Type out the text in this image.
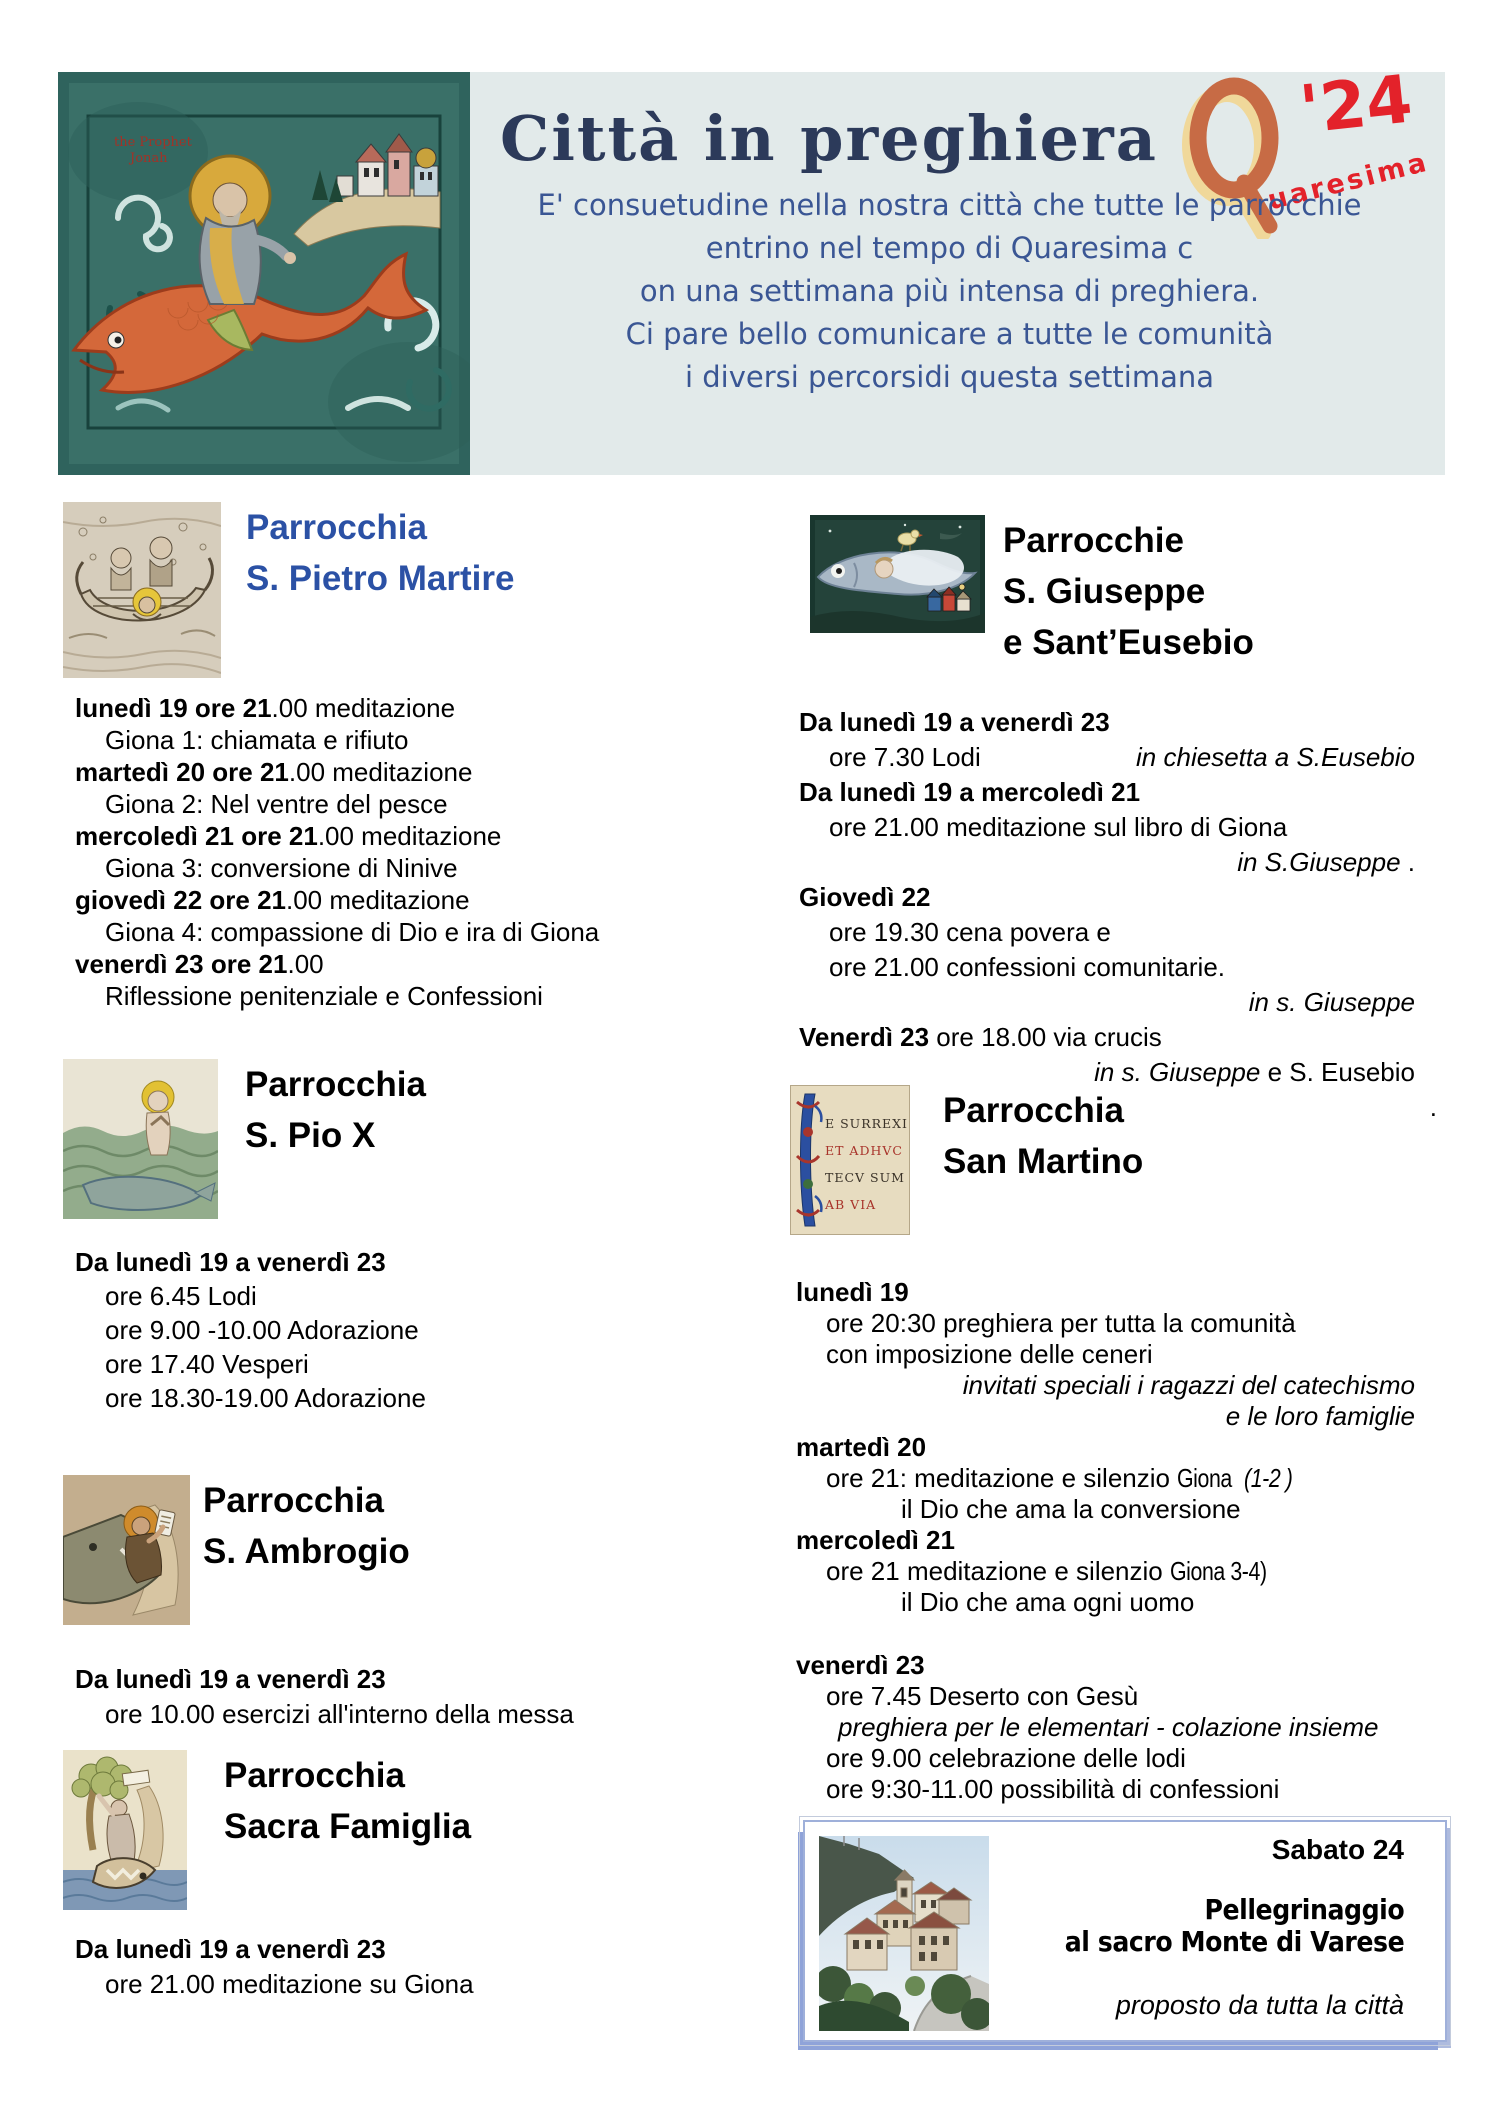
the Prophet
Jonah	Città in preghiera '24
uaresima
E' consuetudine nella nostra città che tutte le parrocchie
entrino nel tempo di Quaresima c
on una settimana più intensa di preghiera.
Ci pare bello comunicare a tutte le comunità
i diversi percorsidi questa settimana
Parrocchia
S. Pietro Martire
lunedì 19 ore 21.00 meditazione
Giona 1: chiamata e rifiuto
martedì 20 ore 21.00 meditazione
Giona 2: Nel ventre del pesce
mercoledì 21 ore 21.00 meditazione
Giona 3: conversione di Ninive
giovedì 22 ore 21.00 meditazione
Giona 4: compassione di Dio e ira di Giona
venerdì 23 ore 21.00
Riflessione penitenziale e Confessioni
Parrocchia
S. Pio X
Da lunedì 19 a venerdì 23
ore 6.45 Lodi
ore 9.00 -10.00 Adorazione
ore 17.40 Vesperi
ore 18.30-19.00 Adorazione
Parrocchia
S. Ambrogio
Da lunedì 19 a venerdì 23
ore 10.00 esercizi all'interno della messa
Parrocchia
Sacra Famiglia
Da lunedì 19 a venerdì 23
ore 21.00 meditazione su Giona
Parrocchie
S. Giuseppe
e Sant’Eusebio
Da lunedì 19 a venerdì 23
ore 7.30 Lodi	in chiesetta a S.Eusebio
Da lunedì 19 a mercoledì 21
ore 21.00 meditazione sul libro di Giona
in S.Giuseppe .
Giovedì 22
ore 19.30 cena povera e
ore 21.00 confessioni comunitarie.
in s. Giuseppe
Venerdì 23 ore 18.00 via crucis
in s. Giuseppe e S. Eusebio
.
E SURREXI
ET ADHVC
TECV SUM
AB VIA
Parrocchia
San Martino
lunedì 19
ore 20:30 preghiera per tutta la comunità
con imposizione delle ceneri
invitati speciali i ragazzi del catechismo
e le loro famiglie
martedì 20
ore 21: meditazione e silenzio Giona(1-2 )
il Dio che ama la conversione
mercoledì 21
ore 21 meditazione e silenzio Giona 3-4)
il Dio che ama ogni uomo
venerdì 23
ore 7.45 Deserto con Gesù
preghiera per le elementari - colazione insieme
ore 9.00 celebrazione delle lodi
ore 9:30-11.00 possibilità di confessioni
Sabato 24
Pellegrinaggio
al sacro Monte di Varese
proposto da tutta la città
